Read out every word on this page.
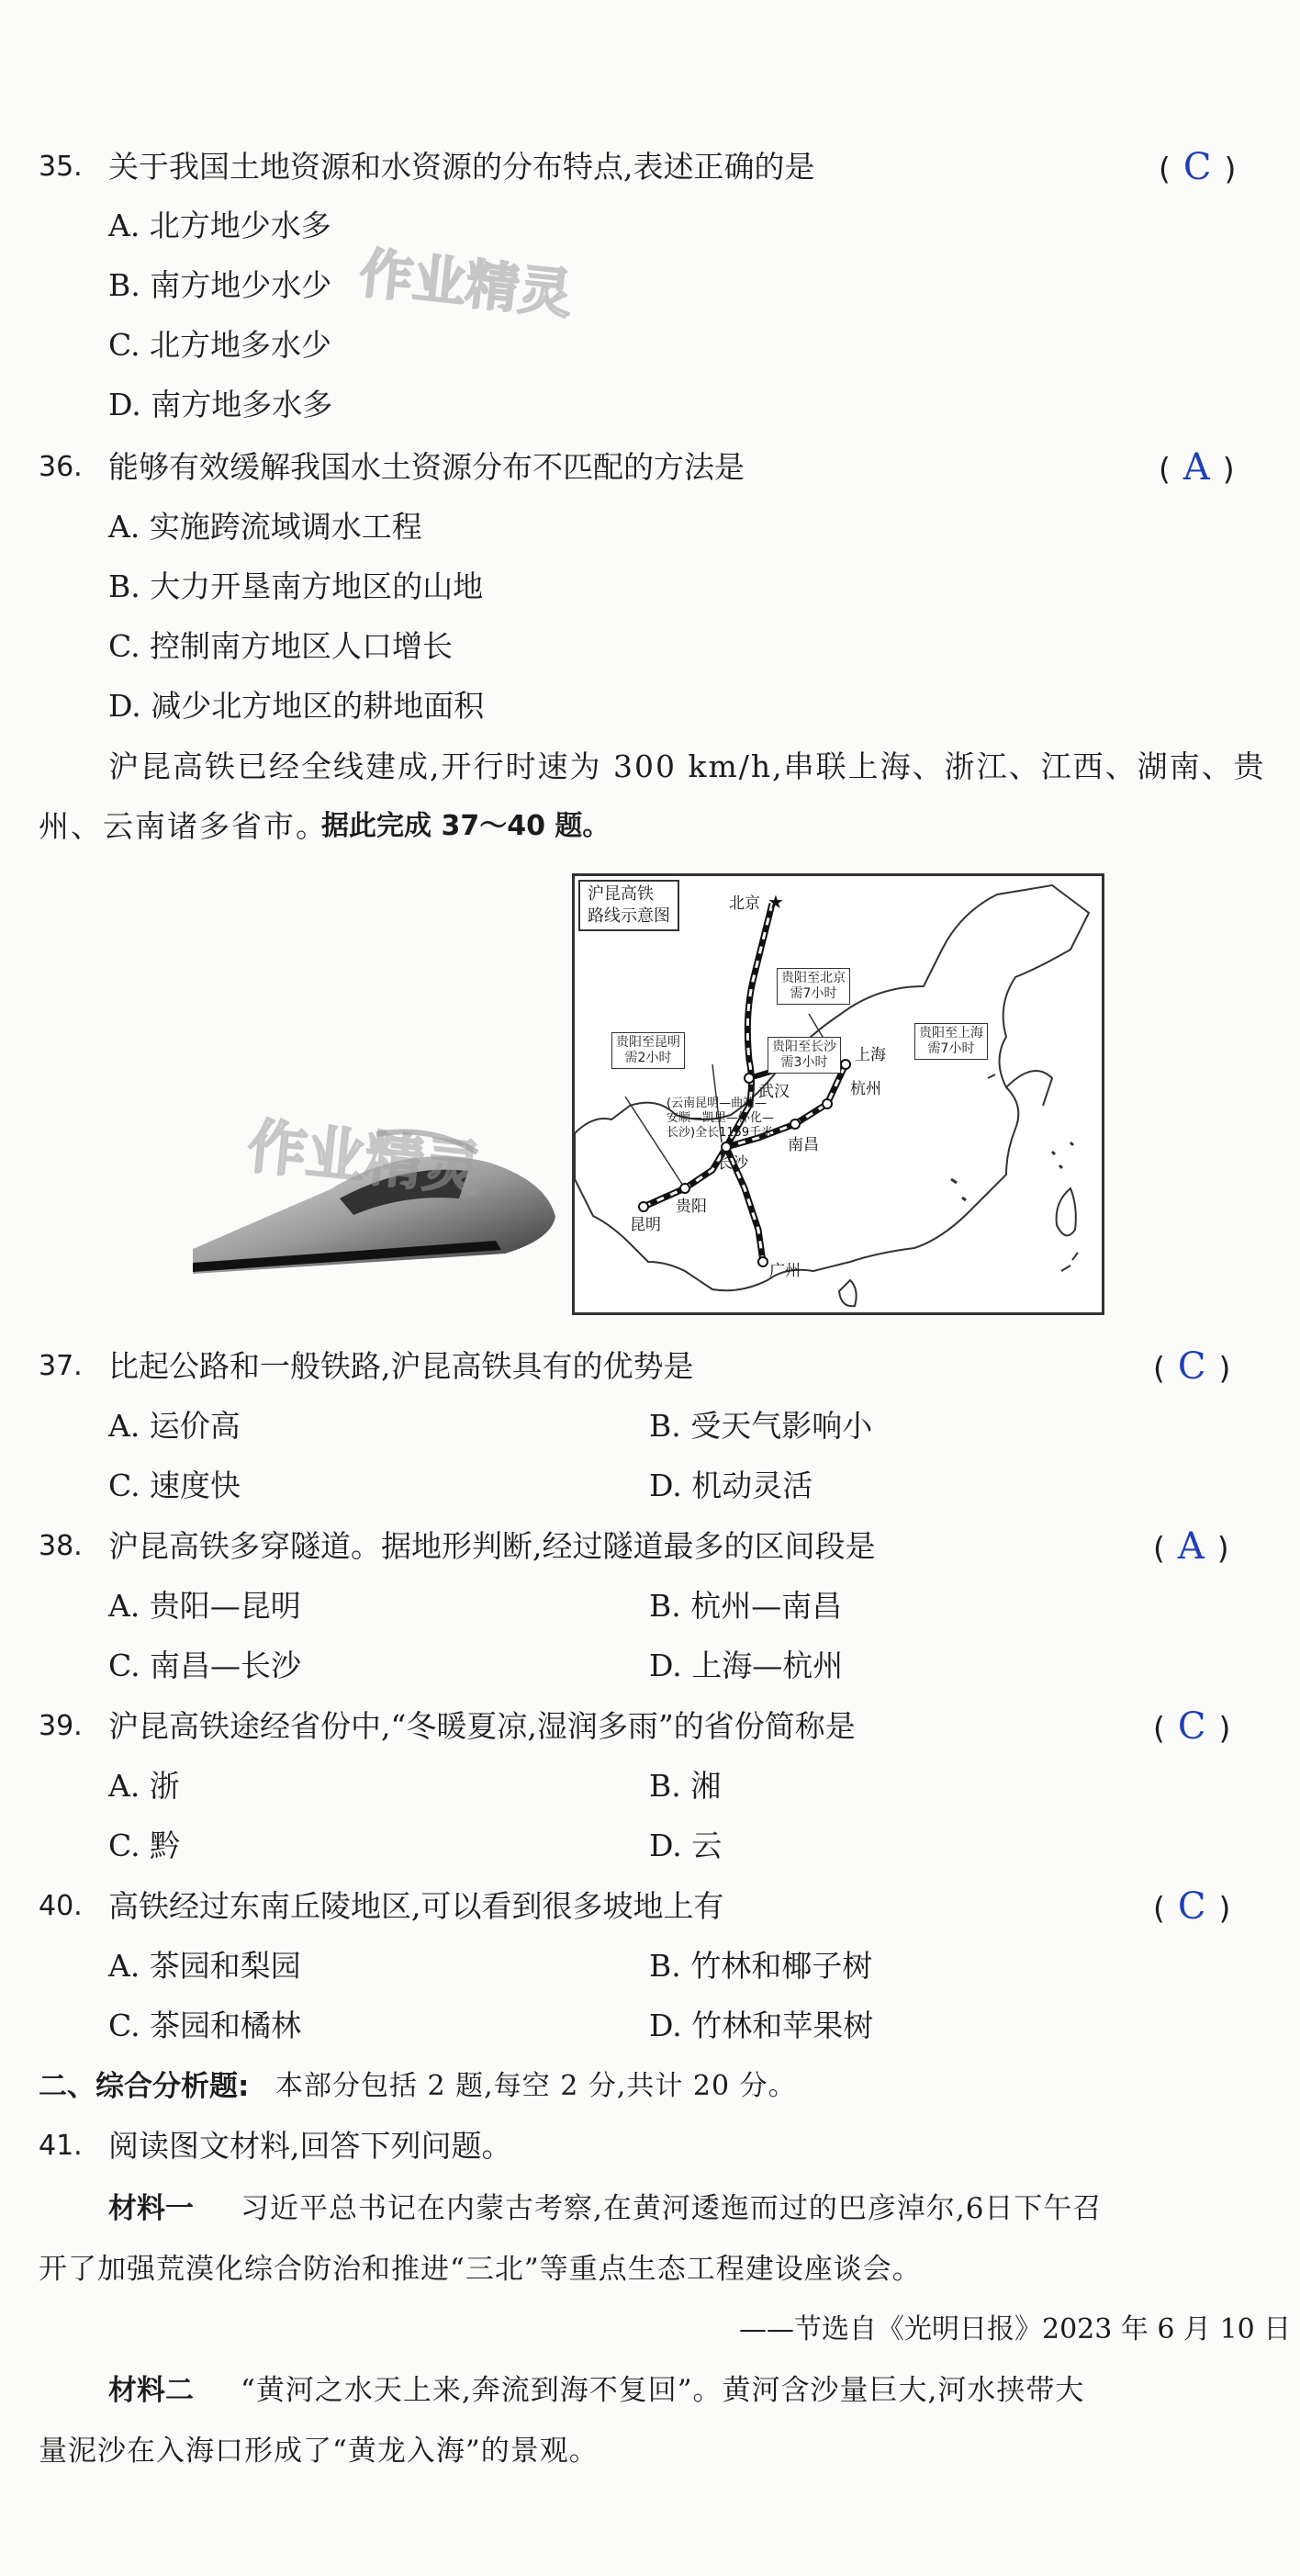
35. 关于我国土地资源和水资源的分布特点,表述正确的是	( C )
A. 北方地少水多
B. 南方地少水少
C. 北方地多水少
D. 南方地多水多
作业精灵
36. 能够有效缓解我国水土资源分布不匹配的方法是	( A )
A. 实施跨流域调水工程
B. 大力开垦南方地区的山地
C. 控制南方地区人口增长
D. 减少北方地区的耕地面积
沪昆高铁已经全线建成,开行时速为 300 km/h,串联上海、浙江、江西、湖南、贵
州、云南诸多省市。
据此完成 37～40 题。
作业精灵
★
沪昆高铁
路线示意图
北京
上海
杭州
武汉
南昌
长沙
贵阳
昆明
广州
贵阳至北京
需7小时
贵阳至上海
需7小时
贵阳至昆明
需2小时
贵阳至长沙
需3小时
(云南昆明—曲靖—
安顺—凯里—怀化—
长沙)全长1159千米
37. 比起公路和一般铁路,沪昆高铁具有的优势是	( C )
A. 运价高	B. 受天气影响小
C. 速度快	D. 机动灵活
38. 沪昆高铁多穿隧道。据地形判断,经过隧道最多的区间段是	( A )
A. 贵阳—昆明	B. 杭州—南昌
C. 南昌—长沙	D. 上海—杭州
39. 沪昆高铁途经省份中,“冬暖夏凉,湿润多雨”的省份简称是	( C )
A. 浙	B. 湘
C. 黔	D. 云
40. 高铁经过东南丘陵地区,可以看到很多坡地上有	( C )
A. 茶园和梨园	B. 竹林和椰子树
C. 茶园和橘林	D. 竹林和苹果树
二、综合分析题: 本部分包括 2 题,每空 2 分,共计 20 分。
41. 阅读图文材料,回答下列问题。
材料一 习近平总书记在内蒙古考察,在黄河逶迤而过的巴彦淖尔,6日下午召
开了加强荒漠化综合防治和推进“三北”等重点生态工程建设座谈会。
——节选自《光明日报》2023 年 6 月 10 日
材料二 “黄河之水天上来,奔流到海不复回”。黄河含沙量巨大,河水挟带大
量泥沙在入海口形成了“黄龙入海”的景观。
